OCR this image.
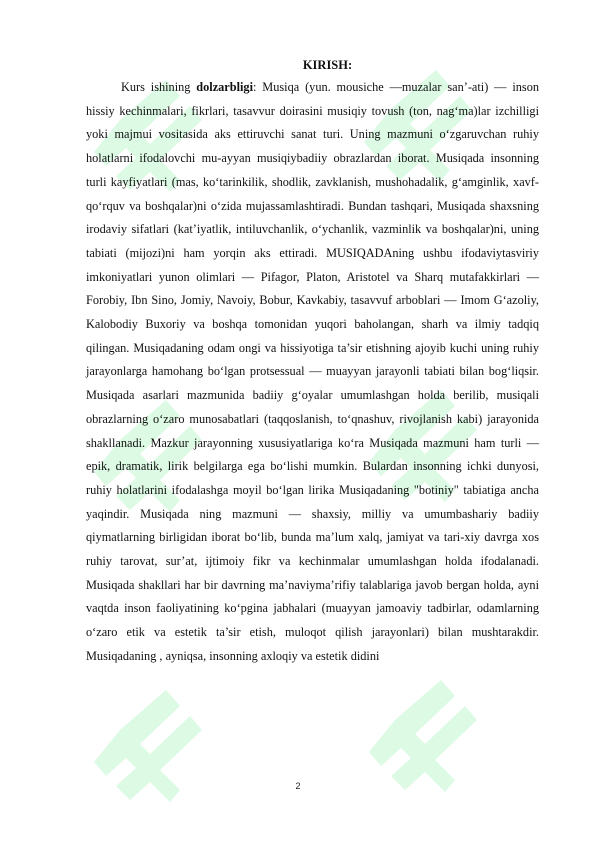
KIRISH:

Kurs ishining dolzarbligi: Musiqa (yun. mousiche —muzalar san’-ati) — inson hissiy kechinmalari, fikrlari, tasavvur doirasini musiqiy tovush (ton, nag‘ma)lar izchilligi yoki majmui vositasida aks ettiruvchi sanat turi. Uning mazmuni o‘zgaruvchan ruhiy holatlarni ifodalovchi mu-ayyan musiqiybadiiy obrazlardan iborat. Musiqada insonning turli kayfiyatlari (mas, ko‘tarinkilik, shodlik, zavklanish, mushohadalik, g‘amginlik, xavf-qo‘rquv va boshqalar)ni o‘zida mujassamlashtiradi. Bundan tashqari, Musiqada shaxsning irodaviy sifatlari (kat’iyatlik, intiluvchanlik, o‘ychanlik, vazminlik va boshqalar)ni, uning tabiati (mijozi)ni ham yorqin aks ettiradi. MUSIQADAning ushbu ifodaviytasviriy imkoniyatlari yunon olimlari — Pifagor, Platon, Aristotel va Sharq mutafakkirlari — Forobiy, Ibn Sino, Jomiy, Navoiy, Bobur, Kavkabiy, tasavvuf arboblari — Imom G‘azoliy, Kalobodiy Buxoriy va boshqa tomonidan yuqori baholangan, sharh va ilmiy tadqiq qilingan. Musiqadaning odam ongi va hissiyotiga ta’sir etishning ajoyib kuchi uning ruhiy jarayonlarga hamohang bo‘lgan protsessual — muayyan jarayonli tabiati bilan bog‘liqsir. Musiqada asarlari mazmunida badiiy g‘oyalar umumlashgan holda berilib, musiqali obrazlarning o‘zaro munosabatlari (taqqoslanish, to‘qnashuv, rivojlanish kabi) jarayonida shakllanadi. Mazkur jarayonning xususiyatlariga ko‘ra Musiqada mazmuni ham turli — epik, dramatik, lirik belgilarga ega bo‘lishi mumkin. Bulardan insonning ichki dunyosi, ruhiy holatlarini ifodalashga moyil bo‘lgan lirika Musiqadaning "botiniy" tabiatiga ancha yaqindir. Musiqada ning mazmuni — shaxsiy, milliy va umumbashariy badiiy qiymatlarning birligidan iborat bo‘lib, bunda ma’lum xalq, jamiyat va tari-xiy davrga xos ruhiy tarovat, sur’at, ijtimoiy fikr va kechinmalar umumlashgan holda ifodalanadi. Musiqada shakllari har bir davrning ma’naviyma’rifiy talablariga javob bergan holda, ayni vaqtda inson faoliyatining ko‘pgina jabhalari (muayyan jamoaviy tadbirlar, odamlarning o‘zaro etik va estetik ta’sir etish, muloqot qilish jarayonlari) bilan mushtarakdir. Musiqadaning , ayniqsa, insonning axloqiy va estetik didini

2
